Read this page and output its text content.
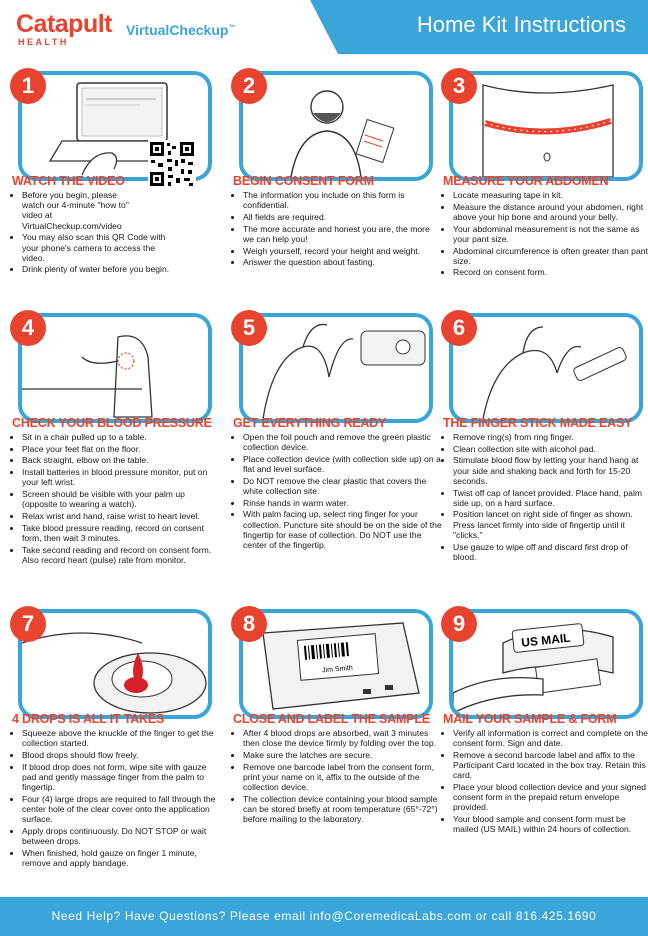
Catapult
HEALTH
VirtualCheckup™	Home Kit Instructions
1
WATCH THE VIDEO
• Before you begin, please watch our 4-minute "how to" video at VirtualCheckup.com/video
• You may also scan this QR Code with your phone's camera to access the video.
• Drink plenty of water before you begin.
2
BEGIN CONSENT FORM
• The information you include on this form is confidential.
• All fields are required.
• The more accurate and honest you are, the more we can help you!
• Weigh yourself, record your height and weight.
• Answer the question about fasting.
3
MEASURE YOUR ABDOMEN
• Locate measuring tape in kit.
• Measure the distance around your abdomen, right above your hip bone and around your belly.
• Your abdominal measurement is not the same as your pant size.
• Abdominal circumference is often greater than pant size.
• Record on consent form.
4
CHECK YOUR BLOOD PRESSURE
• Sit in a chair pulled up to a table.
• Place your feet flat on the floor.
• Back straight, elbow on the table.
• Install batteries in blood pressure monitor, put on your left wrist.
• Screen should be visible with your palm up (opposite to wearing a watch).
• Relax wrist and hand, raise wrist to heart level.
• Take blood pressure reading, record on consent form, then wait 3 minutes.
• Take second reading and record on consent form. Also record heart (pulse) rate from monitor.
5
GET EVERYTHING READY
• Open the foil pouch and remove the green plastic collection device.
• Place collection device (with collection side up) on a flat and level surface.
• Do NOT remove the clear plastic that covers the white collection site.
• Rinse hands in warm water.
• With palm facing up, select ring finger for your collection. Puncture site should be on the side of the fingertip for ease of collection. Do NOT use the center of the fingertip.
6
THE FINGER STICK MADE EASY
• Remove ring(s) from ring finger.
• Clean collection site with alcohol pad.
• Stimulate blood flow by letting your hand hang at your side and shaking back and forth for 15-20 seconds.
• Twist off cap of lancet provided. Place hand, palm side up, on a hard surface.
• Position lancet on right side of finger as shown. Press lancet firmly into side of fingertip until it "clicks."
• Use gauze to wipe off and discard first drop of blood.
7
4 DROPS IS ALL IT TAKES
• Squeeze above the knuckle of the finger to get the collection started.
• Blood drops should flow freely.
• If blood drop does not form, wipe site with gauze pad and gently massage finger from the palm to fingertip.
• Four (4) large drops are required to fall through the center hole of the clear cover onto the application surface.
• Apply drops continuously. Do NOT STOP or wait between drops.
• When finished, hold gauze on finger 1 minute, remove and apply bandage.
8
Jim Smith
CLOSE AND LABEL THE SAMPLE
• After 4 blood drops are absorbed, wait 3 minutes then close the device firmly by folding over the top.
• Make sure the latches are secure.
• Remove one barcode label from the consent form, print your name on it, affix to the outside of the collection device.
• The collection device containing your blood sample can be stored briefly at room temperature (65°-72°) before mailing to the laboratory.
9
US MAIL
MAIL YOUR SAMPLE & FORM
• Verify all information is correct and complete on the consent form. Sign and date.
• Remove a second barcode label and affix to the Participant Card located in the box tray. Retain this card.
• Place your blood collection device and your signed consent form in the prepaid return envelope provided.
• Your blood sample and consent form must be mailed (US MAIL) within 24 hours of collection.
Need Help? Have Questions? Please email info@CoremedicaLabs.com or call 816.425.1690
